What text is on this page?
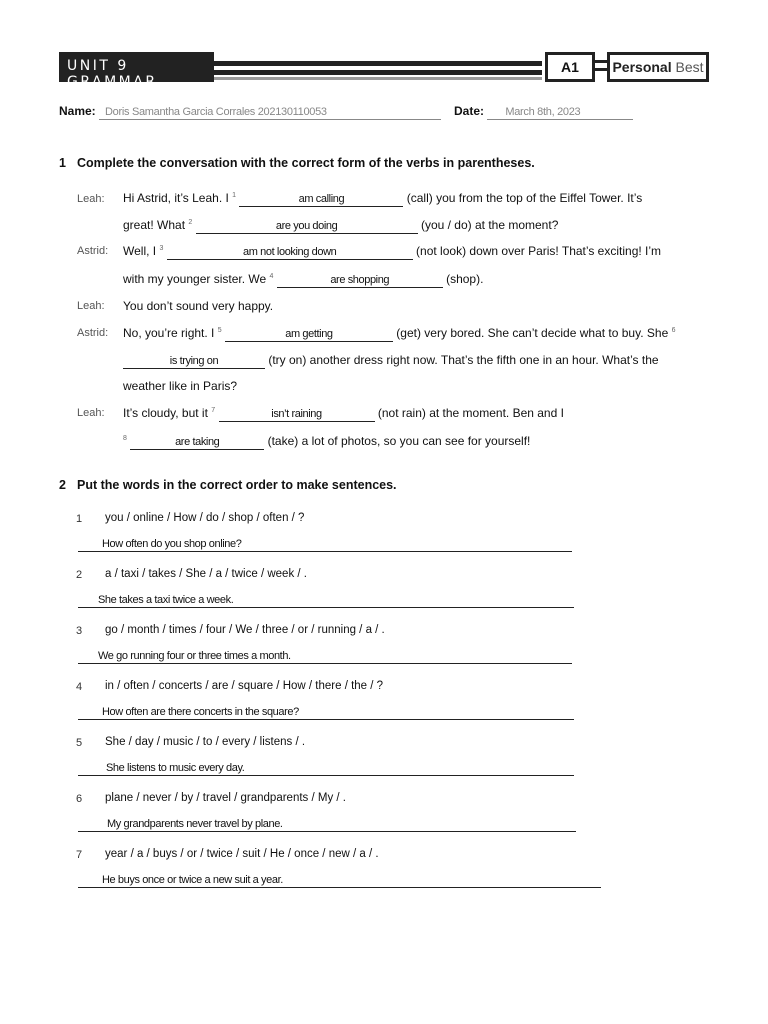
UNIT 9 GRAMMAR
A1	Personal Best
Name: Doris Samantha Garcia Corrales 202130110053	Date: March 8th, 2023
1 Complete the conversation with the correct form of the verbs in parentheses.
Leah: Hi Astrid, it’s Leah. I $^1$	am calling	(call) you from the top of the Eiffel Tower. It’s
great! What $^2$	are you doing	(you / do) at the moment?
Astrid: Well, I $^3$	am not looking down	(not look) down over Paris! That’s exciting! I’m
with my younger sister. We $^4$	are shopping	(shop).
Leah: You don’t sound very happy.
Astrid: No, you’re right. I $^5$	am getting	(get) very bored. She can’t decide what to buy. She $^6$
is trying on	(try on) another dress right now. That’s the fifth one in an hour. What’s the
weather like in Paris?
Leah: It’s cloudy, but it $^7$	isn’t raining	(not rain) at the moment. Ben and I
$^8$	are taking	(take) a lot of photos, so you can see for yourself!
2 Put the words in the correct order to make sentences.
1 you / online / How / do / shop / often / ?
How often do you shop online?
2 a / taxi / takes / She / a / twice / week / .
She takes a taxi twice a week.
3 go / month / times / four / We / three / or / running / a / .
We go running four or three times a month.
4 in / often / concerts / are / square / How / there / the / ?
How often are there concerts in the square?
5 She / day / music / to / every / listens / .
She listens to music every day.
6 plane / never / by / travel / grandparents / My / .
My grandparents never travel by plane.
7 year / a / buys / or / twice / suit / He / once / new / a / .
He buys once or twice a new suit a year.
